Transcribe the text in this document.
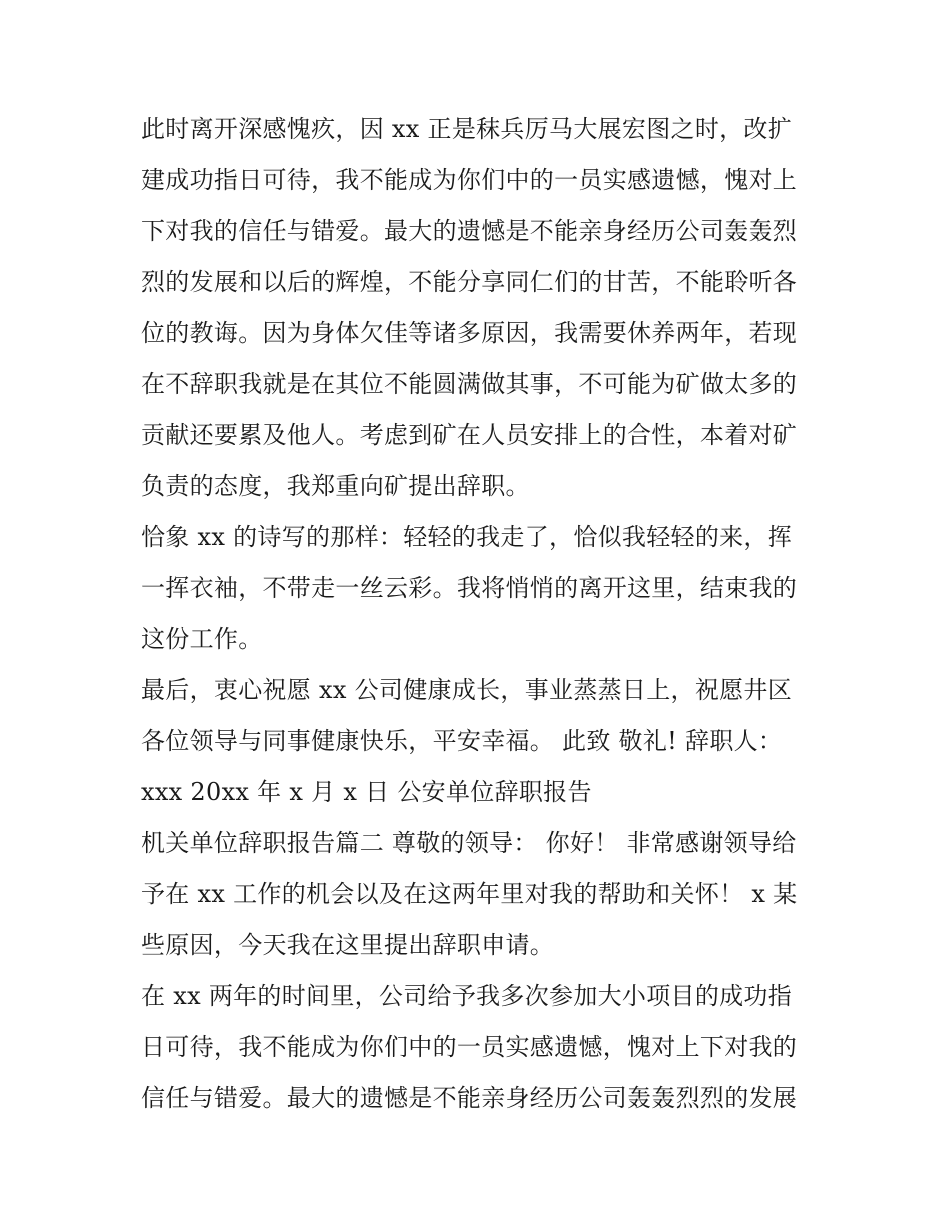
此时离开深感愧疚，因 xx 正是秣兵厉马大展宏图之时，改扩
建成功指日可待，我不能成为你们中的一员实感遗憾，愧对上
下对我的信任与错爱。最大的遗憾是不能亲身经历公司轰轰烈
烈的发展和以后的辉煌，不能分享同仁们的甘苦，不能聆听各
位的教诲。因为身体欠佳等诸多原因，我需要休养两年，若现
在不辞职我就是在其位不能圆满做其事，不可能为矿做太多的
贡献还要累及他人。考虑到矿在人员安排上的合性，本着对矿
负责的态度，我郑重向矿提出辞职。
恰象 xx 的诗写的那样：轻轻的我走了，恰似我轻轻的来，挥
一挥衣袖，不带走一丝云彩。我将悄悄的离开这里，结束我的
这份工作。
最后，衷心祝愿 xx 公司健康成长，事业蒸蒸日上，祝愿井区
各位领导与同事健康快乐，平安幸福。 此致 敬礼! 辞职人：
xxx 20xx 年 x 月 x 日 公安单位辞职报告
机关单位辞职报告篇二 尊敬的领导： 你好！ 非常感谢领导给
予在 xx 工作的机会以及在这两年里对我的帮助和关怀！ x 某
些原因，今天我在这里提出辞职申请。
在 xx 两年的时间里，公司给予我多次参加大小项目的成功指
日可待，我不能成为你们中的一员实感遗憾，愧对上下对我的
信任与错爱。最大的遗憾是不能亲身经历公司轰轰烈烈的发展
